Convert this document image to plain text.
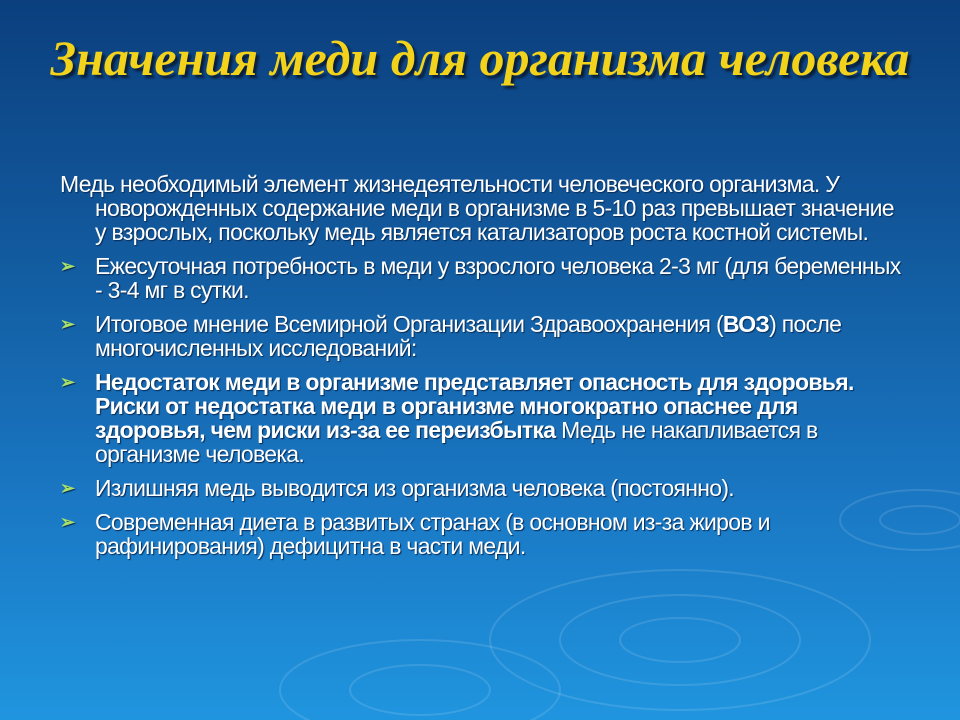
Значения меди для организма человека
Медь необходимый элемент жизнедеятельности человеческого организма. У новорожденных содержание меди в организме в 5-10 раз превышает значение у взрослых, поскольку медь является катализаторов роста костной системы.
➢ Ежесуточная потребность в меди у взрослого человека 2-3 мг (для беременных - 3-4 мг в сутки.
➢ Итоговое мнение Всемирной Организации Здравоохранения (ВОЗ) после многочисленных исследований:
➢ Недостаток меди в организме представляет опасность для здоровья. Риски от недостатка меди в организме многократно опаснее для здоровья, чем риски из-за ее переизбытка Медь не накапливается в организме человека.
➢ Излишняя медь выводится из организма человека (постоянно).
➢ Современная диета в развитых странах (в основном из-за жиров и рафинирования) дефицитна в части меди.
